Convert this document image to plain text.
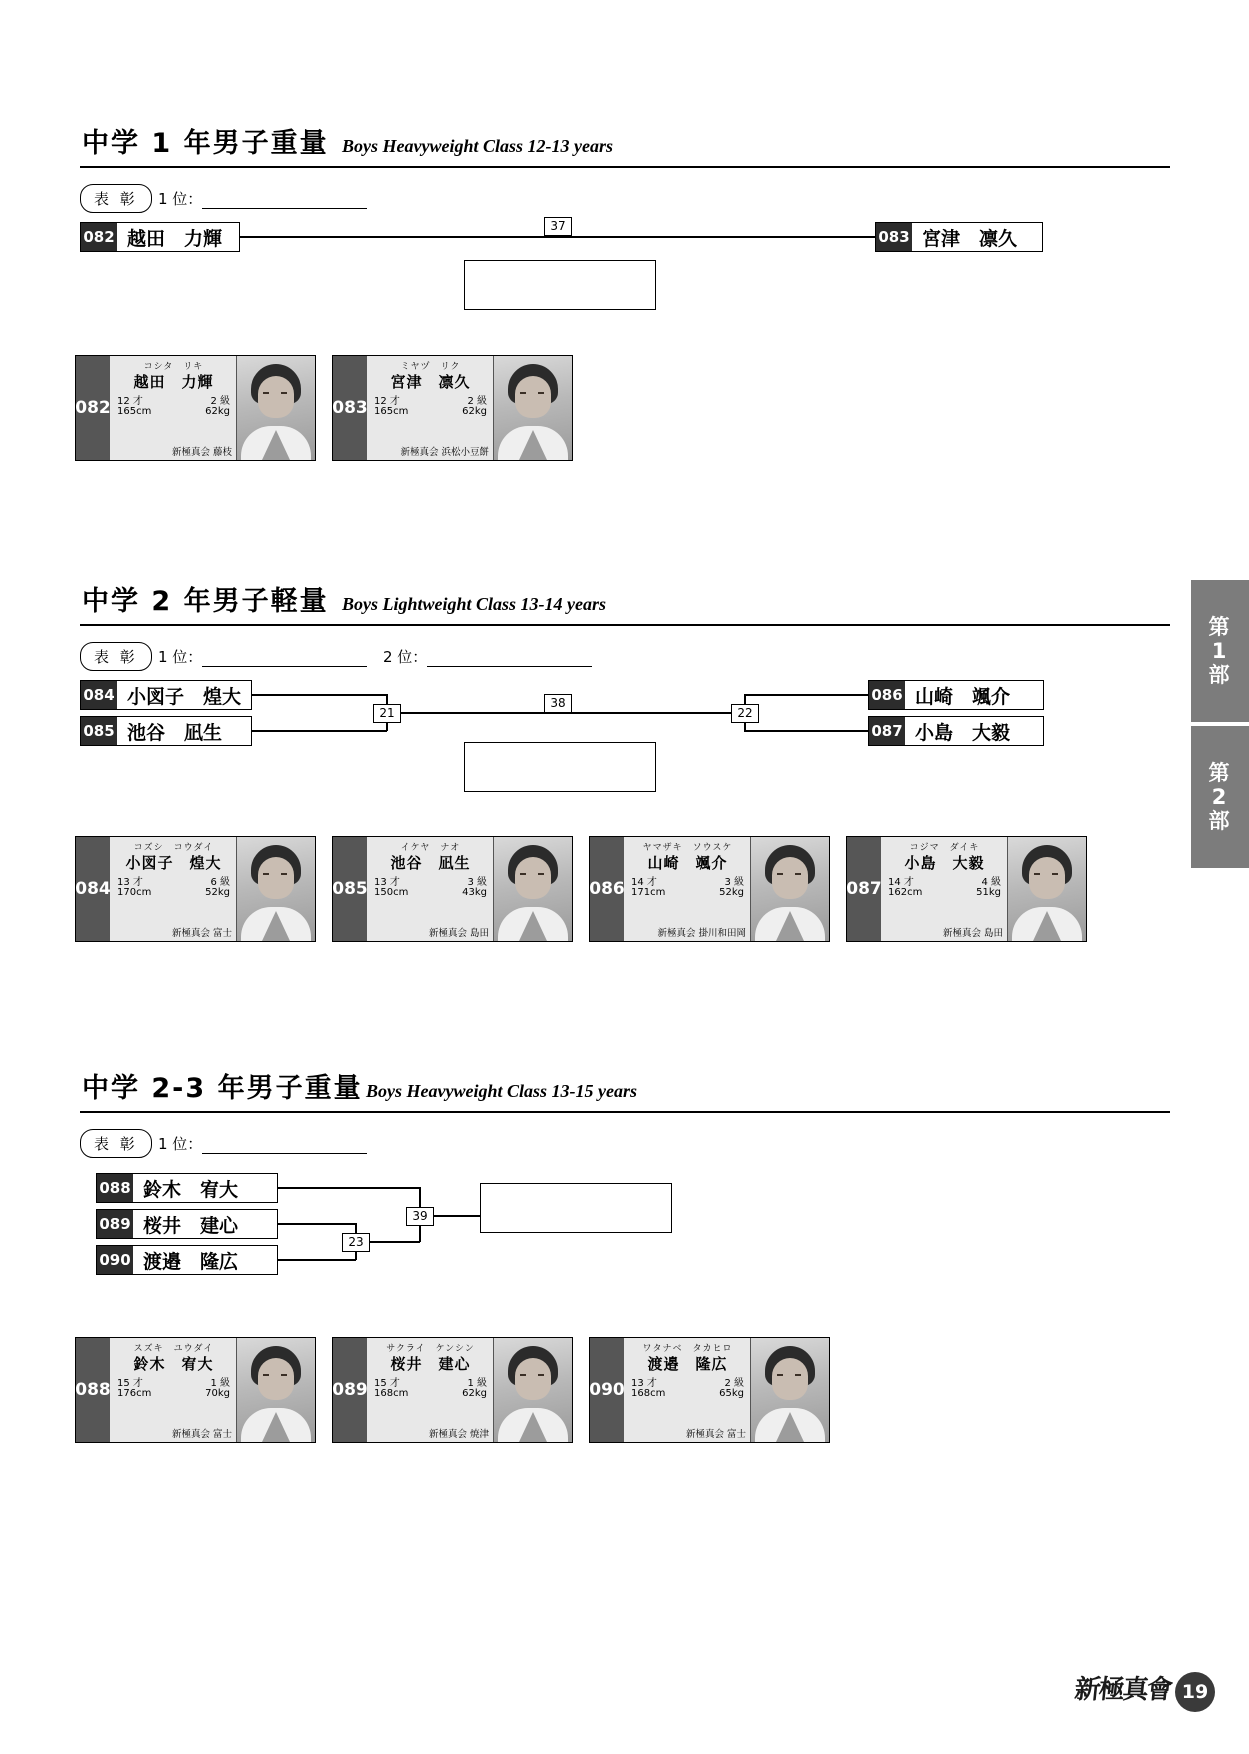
中学 1 年男子重量 Boys Heavyweight Class 12-13 years
表 彰	1 位：
082 越田　力輝	083 宮津　凛久
37
082
コシタ　リキ
越田　力輝
12 才	2 級
165cm	62kg
新極真会 藤枝
083
ミヤヅ　リク
宮津　凛久
12 才	2 級
165cm	62kg
新極真会 浜松小豆餅
中学 2 年男子軽量 Boys Lightweight Class 13-14 years
表 彰	1 位：	2 位：
084 小図子　煌大
085 池谷　凪生
086 山崎　颯介
087 小島　大毅
21
38
22
084
コズシ　コウダイ
小図子　煌大
13 才	6 級
170cm	52kg
新極真会 富士
085
イケヤ　ナオ
池谷　凪生
13 才	3 級
150cm	43kg
新極真会 島田
086
ヤマザキ　ソウスケ
山崎　颯介
14 才	3 級
171cm	52kg
新極真会 掛川和田岡
087
コジマ　ダイキ
小島　大毅
14 才	4 級
162cm	51kg
新極真会 島田
中学 2-3 年男子重量 Boys Heavyweight Class 13-15 years
表 彰	1 位：
088 鈴木　宥大
089 桜井　建心
090 渡邉　隆広
23
39
088
スズキ　ユウダイ
鈴木　宥大
15 才	1 級
176cm	70kg
新極真会 富士
089
サクライ　ケンシン
桜井　建心
15 才	1 級
168cm	62kg
新極真会 焼津
090
ワタナベ　タカヒロ
渡邉　隆広
13 才	2 級
168cm	65kg
新極真会 富士
第
1
部
第
2
部
新極真會 19
